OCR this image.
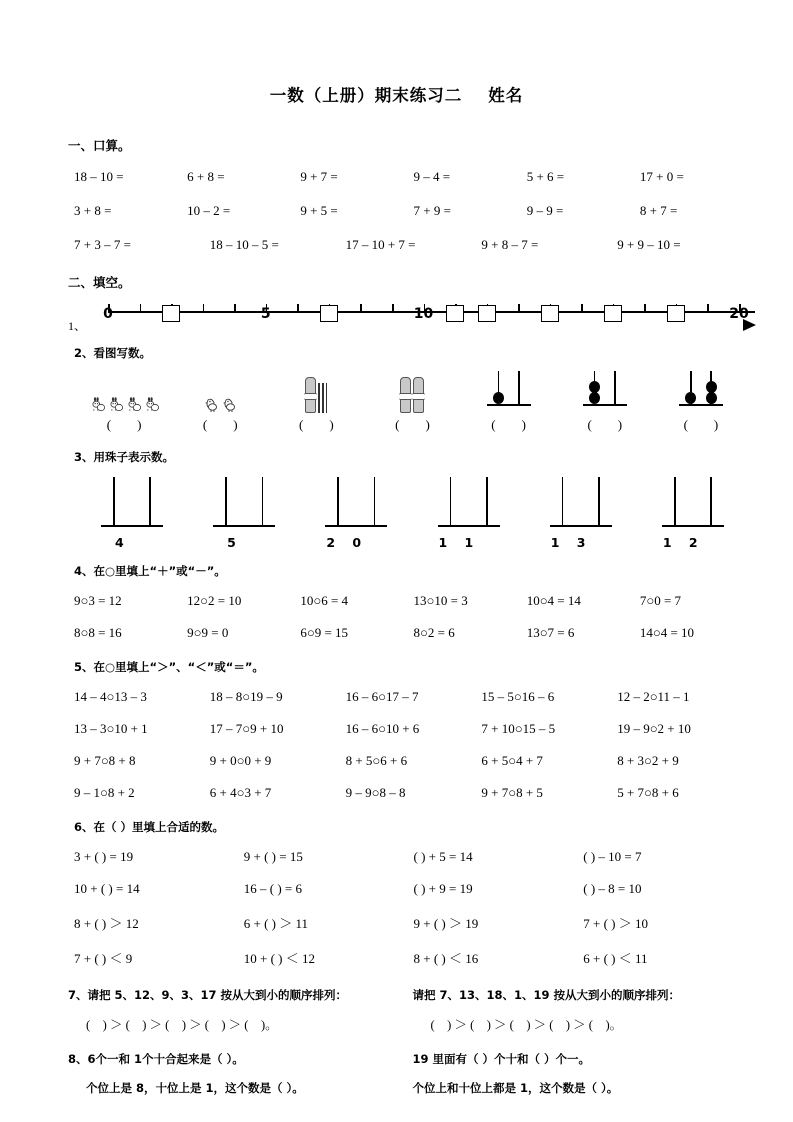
一数（上册）期末练习二 姓名
一、口算。
18 – 10 =	6 + 8 =	9 + 7 =	9 – 4 =	5 + 6 =	17 + 0 =
3 + 8 =	10 – 2 =	9 + 5 =	7 + 9 =	9 – 9 =	8 + 7 =
7 + 3 – 7 =	18 – 10 – 5 =	17 – 10 + 7 =	9 + 8 – 7 =	9 + 9 – 10 =
二、填空。
1、
0	5	10	20
2、看图写数。
(        )	(        )	(        )	(        )	(        )	(        )	(        )
3、用珠子表示数。
4	5	2 0	1 1	1 3	1 2
4、在○里填上“＋”或“－”。
9○3 = 12	12○2 = 10	10○6 = 4	13○10 = 3	10○4 = 14	7○0 = 7
8○8 = 16	9○9 = 0	6○9 = 15	8○2 = 6	13○7 = 6	14○4 = 10
5、在○里填上“＞”、“＜”或“＝”。
14 – 4○13 – 3	18 – 8○19 – 9	16 – 6○17 – 7	15 – 5○16 – 6	12 – 2○11 – 1
13 – 3○10 + 1	17 – 7○9 + 10	16 – 6○10 + 6	7 + 10○15 – 5	19 – 9○2 + 10
9 + 7○8 + 8	9 + 0○0 + 9	8 + 5○6 + 6	6 + 5○4 + 7	8 + 3○2 + 9
9 – 1○8 + 2	6 + 4○3 + 7	9 – 9○8 – 8	9 + 7○8 + 5	5 + 7○8 + 6
6、在（ ）里填上合适的数。
3 + ( ) = 19	9 + ( ) = 15	( ) + 5 = 14	( ) – 10 = 7
10 + ( ) = 14	16 – ( ) = 6	( ) + 9 = 19	( ) – 8 = 10
8 + ( ) ＞ 12	6 + ( ) ＞ 11	9 + ( ) ＞ 19	7 + ( ) ＞ 10
7 + ( ) ＜ 9	10 + ( ) ＜ 12	8 + ( ) ＜ 16	6 + ( ) ＜ 11
7、请把 5、12、9、3、17 按从大到小的顺序排列：
(    ) ＞ (    ) ＞ (    ) ＞ (    ) ＞ (    )。
请把 7、13、18、1、19 按从大到小的顺序排列：
(    ) ＞ (    ) ＞ (    ) ＞ (    ) ＞ (    )。
8、6个一和 1个十合起来是（ ）。
个位上是 8，十位上是 1，这个数是（ ）。
19 里面有（ ）个十和（ ）个一。
个位上和十位上都是 1，这个数是（ ）。
